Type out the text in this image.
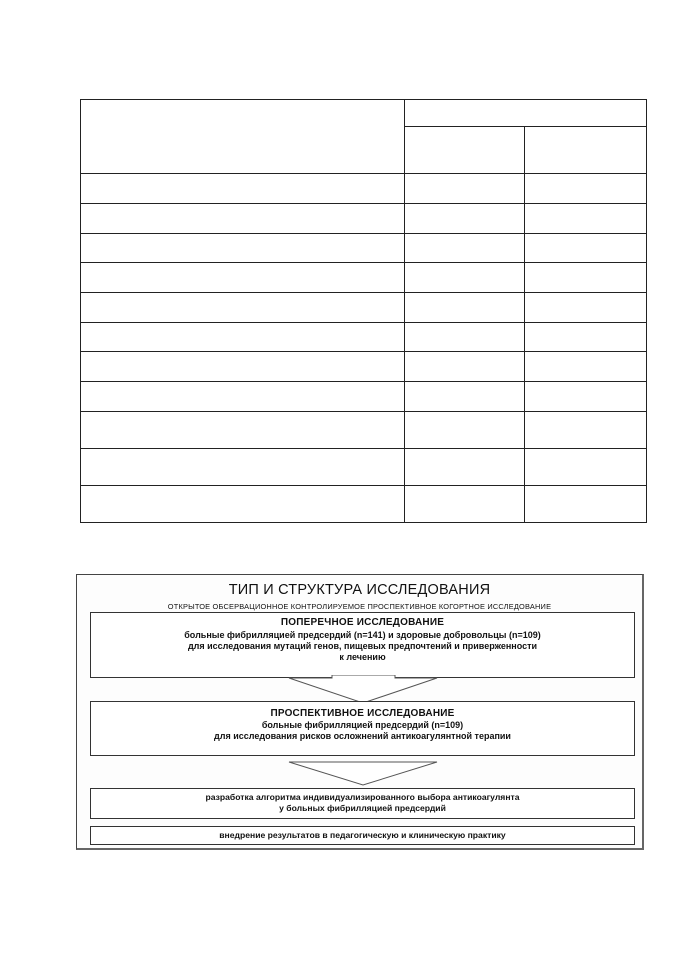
ТИП И СТРУКТУРА ИССЛЕДОВАНИЯ
ОТКРЫТОЕ ОБСЕРВАЦИОННОЕ КОНТРОЛИРУЕМОЕ ПРОСПЕКТИВНОЕ КОГОРТНОЕ ИССЛЕДОВАНИЕ
ПОПЕРЕЧНОЕ ИССЛЕДОВАНИЕ
больные фибрилляцией предсердий (n=141) и здоровые добровольцы (n=109)
для исследования мутаций генов, пищевых предпочтений и приверженности
к лечению
ПРОСПЕКТИВНОЕ ИССЛЕДОВАНИЕ
больные фибрилляцией предсердий (n=109)
для исследования рисков осложнений антикоагулянтной терапии
разработка алгоритма индивидуализированного выбора антикоагулянта
у больных фибрилляцией предсердий
внедрение результатов в педагогическую и клиническую практику
